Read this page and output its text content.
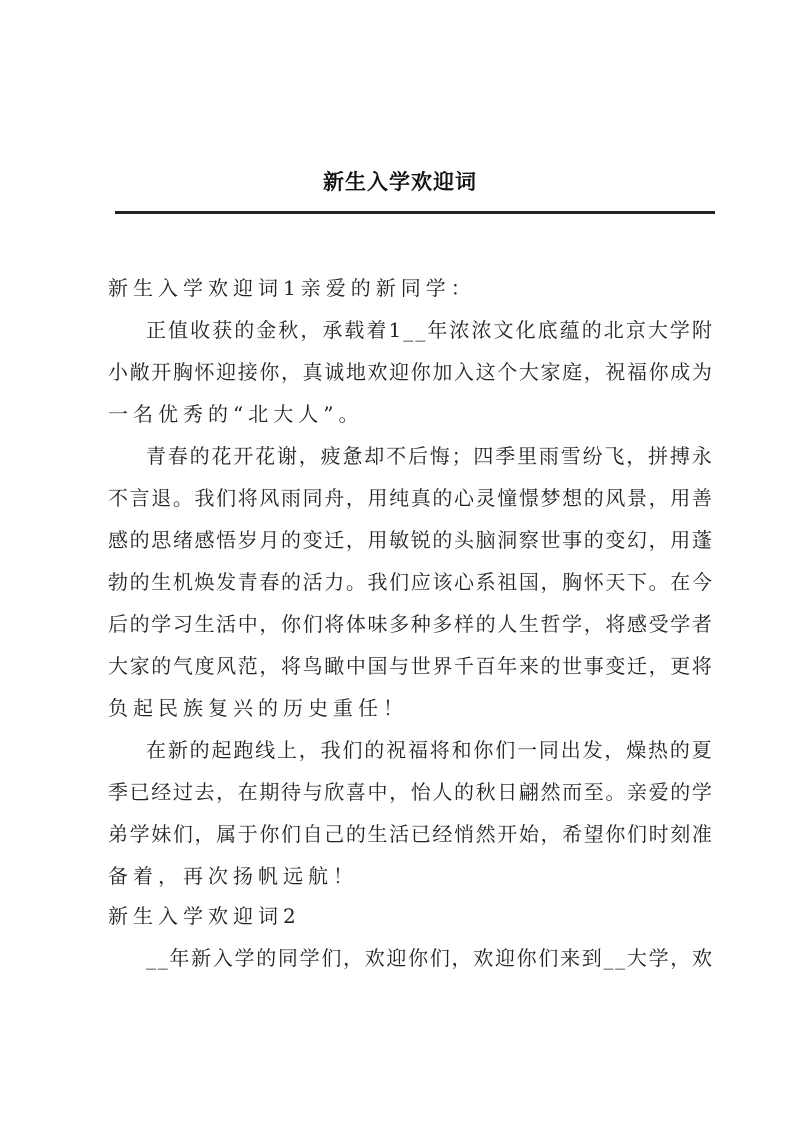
新生入学欢迎词
新生入学欢迎词1亲爱的新同学：
正 值 收 获 的 金 秋 ， 承 载 着 1 _ _ 年 浓 浓 文 化 底 蕴 的 北 京 大 学 附
小 敞 开 胸 怀 迎 接 你 ， 真 诚 地 欢 迎 你 加 入 这 个 大 家 庭 ， 祝 福 你 成 为
一名优秀的“北大人”。
青 春 的 花 开 花 谢 ， 疲 惫 却 不 后 悔 ； 四 季 里 雨 雪 纷 飞 ， 拼 搏 永
不 言 退 。 我 们 将 风 雨 同 舟 ， 用 纯 真 的 心 灵 憧 憬 梦 想 的 风 景 ， 用 善
感 的 思 绪 感 悟 岁 月 的 变 迁 ， 用 敏 锐 的 头 脑 洞 察 世 事 的 变 幻 ， 用 蓬
勃 的 生 机 焕 发 青 春 的 活 力 。 我 们 应 该 心 系 祖 国 ， 胸 怀 天 下 。 在 今
后 的 学 习 生 活 中 ， 你 们 将 体 味 多 种 多 样 的 人 生 哲 学 ， 将 感 受 学 者
大 家 的 气 度 风 范 ， 将 鸟 瞰 中 国 与 世 界 千 百 年 来 的 世 事 变 迁 ， 更 将
负起民族复兴的历史重任！
在 新 的 起 跑 线 上 ， 我 们 的 祝 福 将 和 你 们 一 同 出 发 ， 燥 热 的 夏
季 已 经 过 去 ， 在 期 待 与 欣 喜 中 ， 怡 人 的 秋 日 翩 然 而 至 。 亲 爱 的 学
弟 学 妹 们 ， 属 于 你 们 自 己 的 生 活 已 经 悄 然 开 始 ， 希 望 你 们 时 刻 准
备着，再次扬帆远航！
新生入学欢迎词2
_ _ 年 新 入 学 的 同 学 们 ， 欢 迎 你 们 ， 欢 迎 你 们 来 到 _ _ 大 学 ， 欢
